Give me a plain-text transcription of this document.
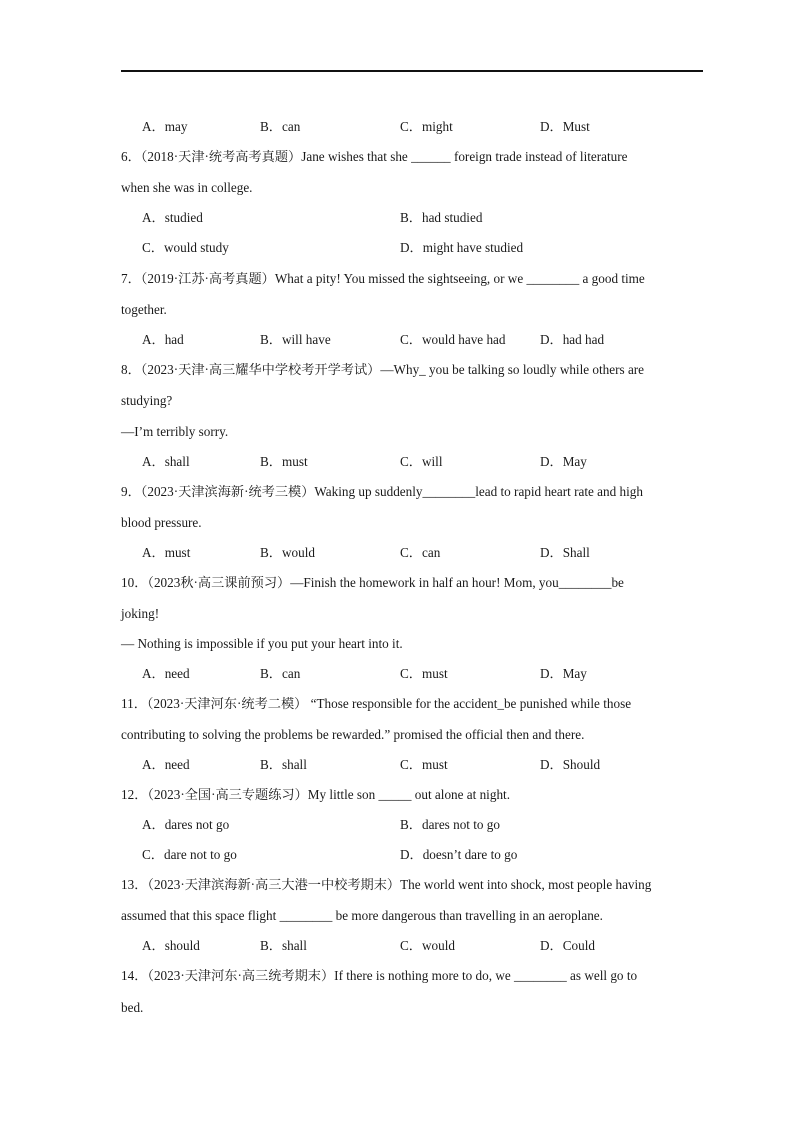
A．may	B．can	C．might	D．Must
6．（2018·天津·统考高考真题）Jane wishes that she ______ foreign trade instead of literature
when she was in college.
A．studied	B．had studied
C．would study	D．might have studied
7．（2019·江苏·高考真题）What a pity! You missed the sightseeing, or we ________ a good time
together.
A．had	B．will have	C．would have had	D．had had
8．（2023·天津·高三耀华中学校考开学考试）—Why_ you be talking so loudly while others are
studying?
—I’m terribly sorry.
A．shall	B．must	C．will	D．May
9．（2023·天津滨海新·统考三模）Waking up suddenly________lead to rapid heart rate and high
blood pressure.
A．must	B．would	C．can	D．Shall
10．（2023秋·高三课前预习）—Finish the homework in half an hour! Mom, you________be
joking!
— Nothing is impossible if you put your heart into it.
A．need	B．can	C．must	D．May
11．（2023·天津河东·统考二模） “Those responsible for the accident_be punished while those
contributing to solving the problems be rewarded.” promised the official then and there.
A．need	B．shall	C．must	D．Should
12．（2023·全国·高三专题练习）My little son _____ out alone at night.
A．dares not go	B．dares not to go
C．dare not to go	D．doesn’t dare to go
13．（2023·天津滨海新·高三大港一中校考期末）The world went into shock, most people having
assumed that this space flight ________ be more dangerous than travelling in an aeroplane.
A．should	B．shall	C．would	D．Could
14．（2023·天津河东·高三统考期末）If there is nothing more to do, we ________ as well go to
bed.
